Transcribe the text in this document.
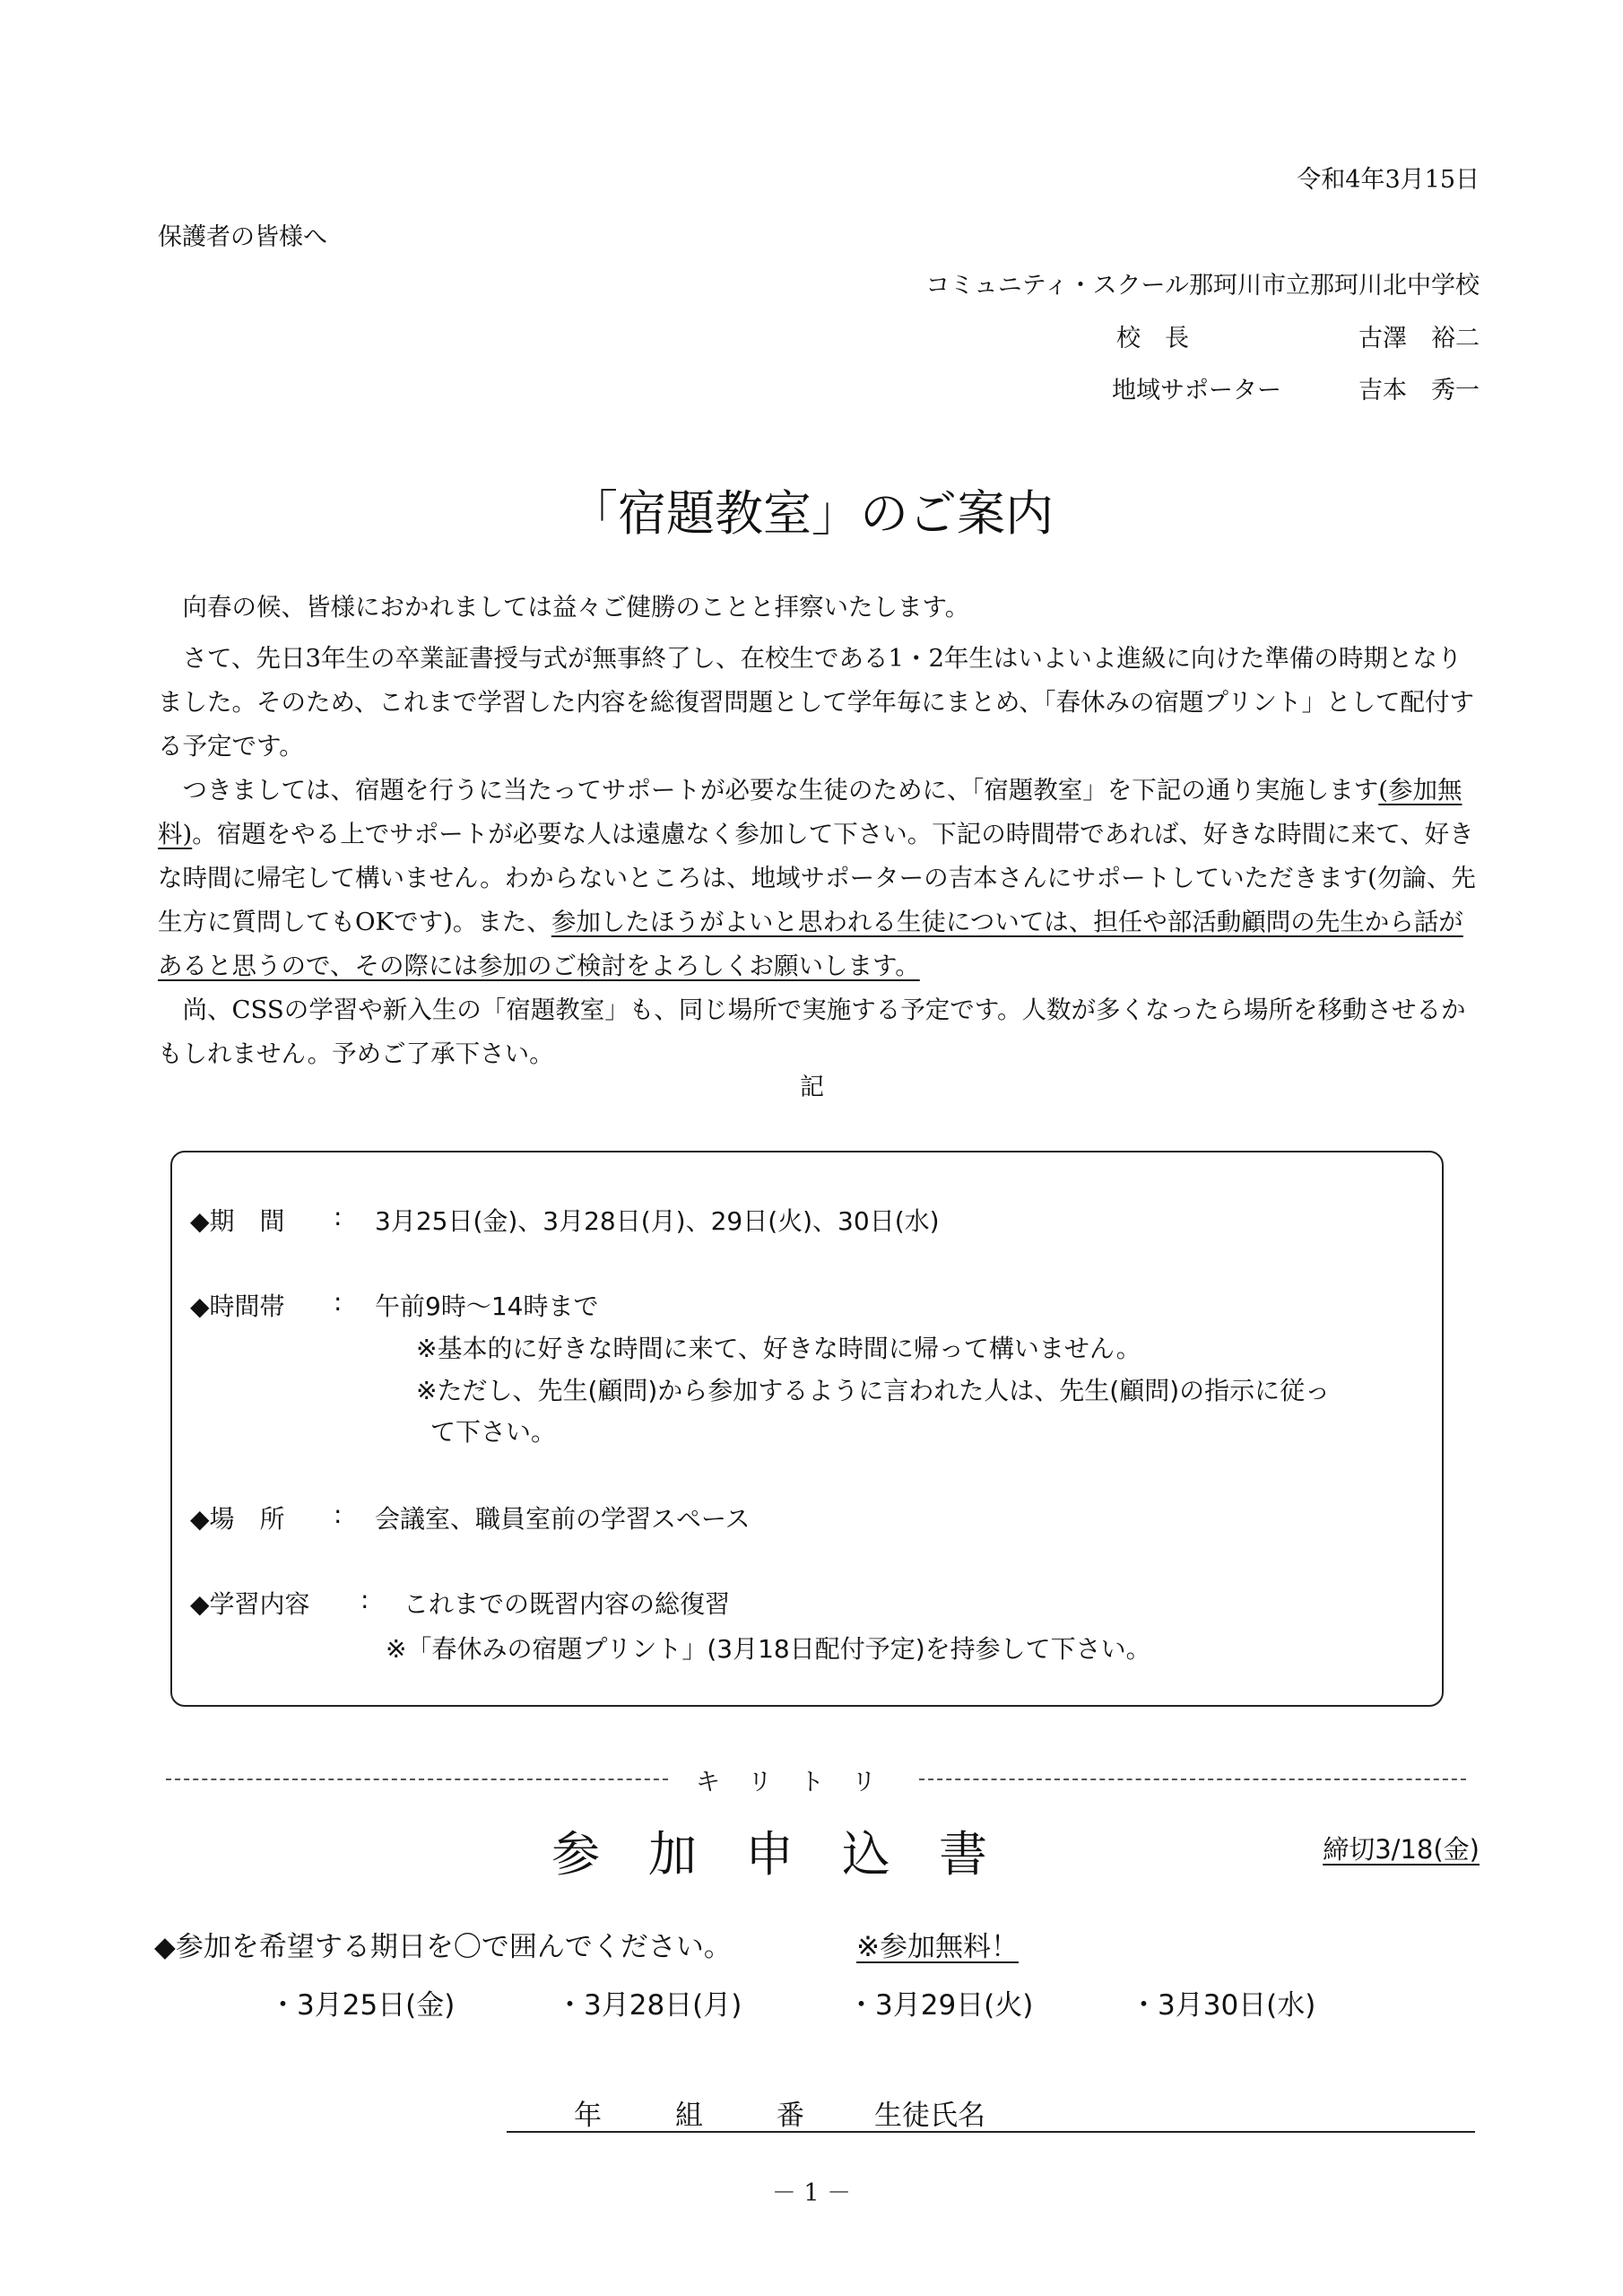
令和4年3月15日
保護者の皆様へ
コミュニティ・スクール那珂川市立那珂川北中学校
校　長	古澤　裕二
地域サポーター	吉本　秀一
「宿題教室」のご案内

向春の候、皆様におかれましては益々ご健勝のことと拝察いたします。

さて、先日3年生の卒業証書授与式が無事終了し、在校生である1・2年生はいよいよ進級に向けた準備の時期となりました。そのため、これまで学習した内容を総復習問題として学年毎にまとめ、「春休みの宿題プリント」として配付する予定です。

つきましては、宿題を行うに当たってサポートが必要な生徒のために、「宿題教室」を下記の通り実施します(参加無料)。宿題をやる上でサポートが必要な人は遠慮なく参加して下さい。下記の時間帯であれば、好きな時間に来て、好きな時間に帰宅して構いません。わからないところは、地域サポーターの吉本さんにサポートしていただきます(勿論、先生方に質問してもOKです)。また、参加したほうがよいと思われる生徒については、担任や部活動顧問の先生から話があると思うので、その際には参加のご検討をよろしくお願いします。

尚、CSSの学習や新入生の「宿題教室」も、同じ場所で実施する予定です。人数が多くなったら場所を移動させるかもしれません。予めご了承下さい。

記
◆期　間 : 3月25日(金)、3月28日(月)、29日(火)、30日(水)
◆時間帯 : 午前9時～14時まで
※基本的に好きな時間に来て、好きな時間に帰って構いません。
※ただし、先生(顧問)から参加するように言われた人は、先生(顧問)の指示に従っ
て下さい。
◆場　所 : 会議室、職員室前の学習スペース
◆学習内容 : これまでの既習内容の総復習
※「春休みの宿題プリント」(3月18日配付予定)を持参して下さい。
キ　リ　ト　リ
参　加　申　込　書	締切3/18(金)
◆参加を希望する期日を〇で囲んでください。	※参加無料！
・3月25日(金)	・3月28日(月)	・3月29日(火)	・3月30日(水)
年	組	番	生徒氏名
－ 1 －
